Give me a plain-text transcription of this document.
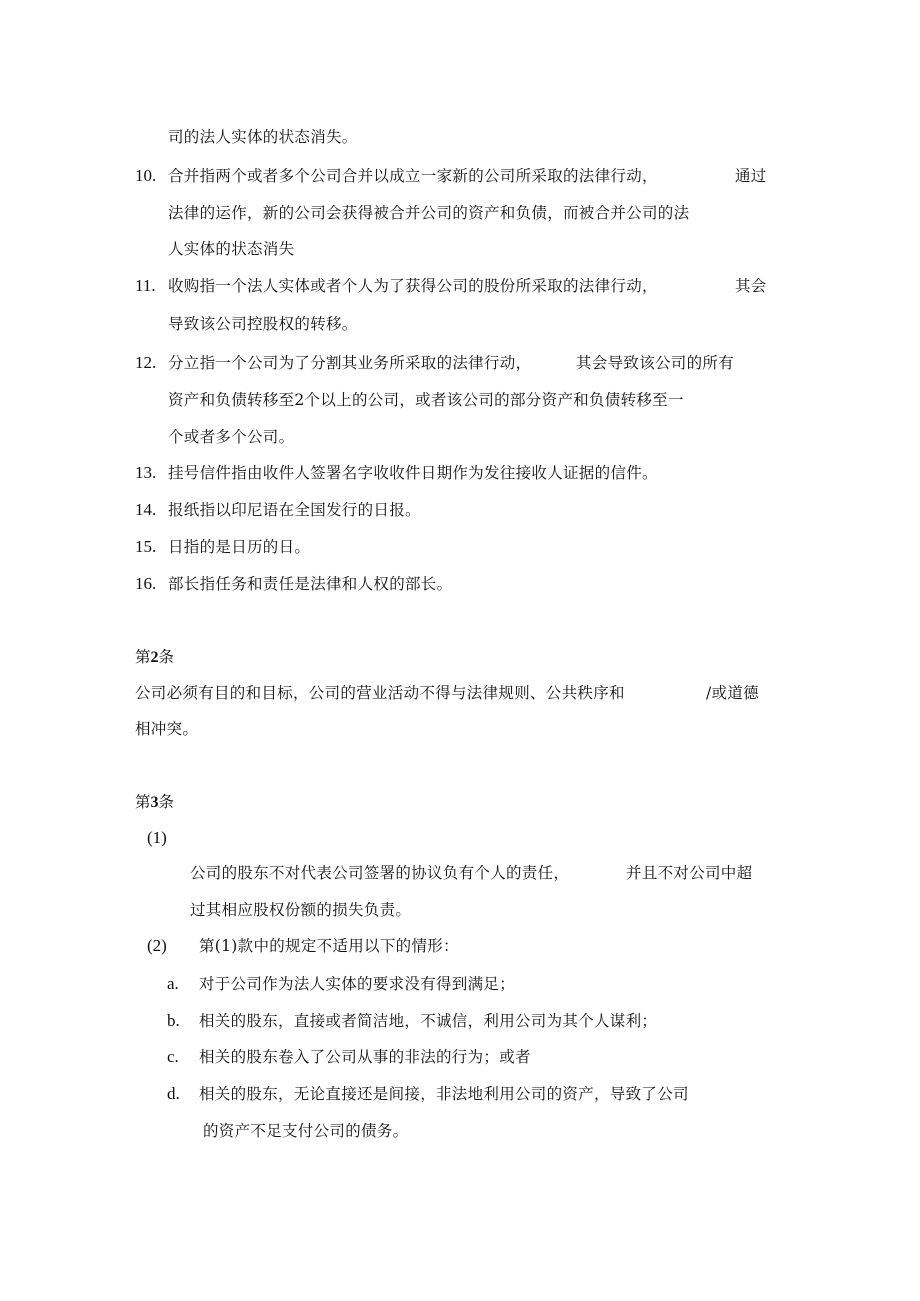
司的法人实体的状态消失。
10. 合并指两个或者多个公司合并以成立一家新的公司所采取的法律行动，	通过
法律的运作，新的公司会获得被合并公司的资产和负债，而被合并公司的法
人实体的状态消失
11. 收购指一个法人实体或者个人为了获得公司的股份所采取的法律行动，	其会
导致该公司控股权的转移。
12. 分立指一个公司为了分割其业务所采取的法律行动，	其会导致该公司的所有
资产和负债转移至2个以上的公司，或者该公司的部分资产和负债转移至一
个或者多个公司。
13. 挂号信件指由收件人签署名字收收件日期作为发往接收人证据的信件。
14. 报纸指以印尼语在全国发行的日报。
15. 日指的是日历的日。
16. 部长指任务和责任是法律和人权的部长。
第2条
公司必须有目的和目标，公司的营业活动不得与法律规则、公共秩序和	/或道德
相冲突。
第3条
(1)
公司的股东不对代表公司签署的协议负有个人的责任，	并且不对公司中超
过其相应股权份额的损失负责。
(2) 第(1)款中的规定不适用以下的情形：
a. 对于公司作为法人实体的要求没有得到满足；
b. 相关的股东，直接或者简洁地，不诚信，利用公司为其个人谋利；
c. 相关的股东卷入了公司从事的非法的行为；或者
d. 相关的股东，无论直接还是间接，非法地利用公司的资产，导致了公司
的资产不足支付公司的债务。
